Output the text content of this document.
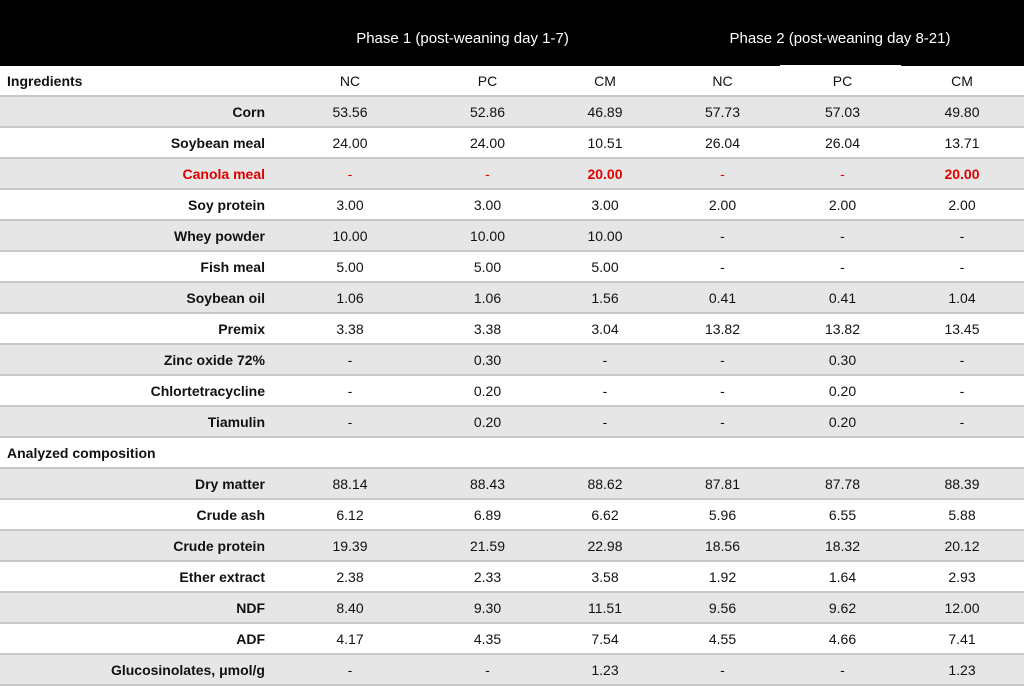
Phase 1 (post-weaning day 1-7)	Phase 2 (post-weaning day 8-21)
Ingredients	NC	PC	CM	NC	PC	CM
Corn	53.56	52.86	46.89	57.73	57.03	49.80
Soybean meal	24.00	24.00	10.51	26.04	26.04	13.71
Canola meal	-	-	20.00	-	-	20.00
Soy protein	3.00	3.00	3.00	2.00	2.00	2.00
Whey powder	10.00	10.00	10.00	-	-	-
Fish meal	5.00	5.00	5.00	-	-	-
Soybean oil	1.06	1.06	1.56	0.41	0.41	1.04
Premix	3.38	3.38	3.04	13.82	13.82	13.45
Zinc oxide 72%	-	0.30	-	-	0.30	-
Chlortetracycline	-	0.20	-	-	0.20	-
Tiamulin	-	0.20	-	-	0.20	-
Analyzed composition						
Dry matter	88.14	88.43	88.62	87.81	87.78	88.39
Crude ash	6.12	6.89	6.62	5.96	6.55	5.88
Crude protein	19.39	21.59	22.98	18.56	18.32	20.12
Ether extract	2.38	2.33	3.58	1.92	1.64	2.93
NDF	8.40	9.30	11.51	9.56	9.62	12.00
ADF	4.17	4.35	7.54	4.55	4.66	7.41
Glucosinolates, μmol/g	-	-	1.23	-	-	1.23
